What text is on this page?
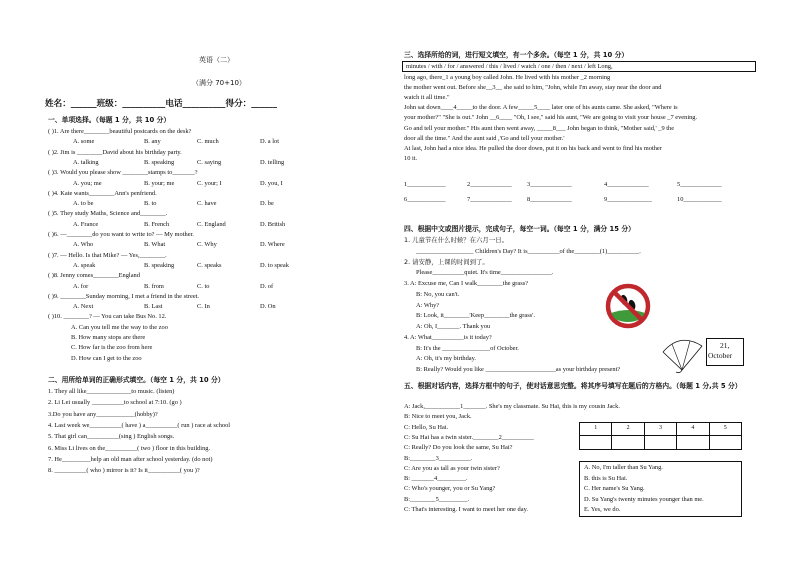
英语（二）
（满分 70+10）
姓名：______班级：__________电话__________得分：______
一、单项选择。（每题 1 分，共 10 分）
二、用所给单词的正确形式填空。（每空 1 分，共 10 分）
三、选择所给的词，进行短文填空，有一个多余。（每空 1 分，共 10 分）
minutes / with / for / answered / this / lived / watch / one / then / next / left Long,
四、根据中文或图片提示，完成句子，每空一词。（每空 1 分，满分 15 分）
21,
October
五、根据对话内容，选择方框中的句子，使对话意思完整。将其序号填写在题后的方格内。（每题 1 分,共 5 分）
1	2	3	4	5

( )1. Are there________beautiful postcards on the desk?
A. some	B. any	C. much	D. a lot
( )2. Jim is ________David about his birthday party.
A. talking	B. speaking	C. saying	D. telling
( )3. Would you please show ________stamps to_______?
A. you; me	B. your; me	C. your; I	D. you, I
( )4. Kate wants________Ann's penfriend.
A. to be	B. to	C. have	D. be
( )5. They study Maths, Science and________.
A. France	B. French	C. England	D. British
( )6. —________do you want to write to? — My mother.
A. Who	B. What	C. Why	D. Where
( )7. — Hello. Is that Mike? — Yes,________.
A. speak	B. speaking	C. speaks	D. to speak
( )8. Jenny comes________England
A. for	B. from	C. to	D. of
( )9. ________Sunday morning, I met a friend in the street.
A. Next	B. Last	C. In	D. On
( )10. ________? — You can take Bus No. 12.
A. Can you tell me the way to the zoo
B. How many stops are there
C. How far is the zoo from here
D. How can I get to the zoo
1. They all like______________to music. (listen)
2. Li Lei usually __________to school at 7:10. (go )
3.Do you have any____________(hobby)?
4. Last week we__________( have ) a__________( run ) race at school
5. That girl can__________(sing ) English songs.
6. Miss Li lives on the__________( two ) floor in this building.
7. He_________help an old man after school yesterday. (do not)
8. __________( who ) mirror is it? Is it__________( you )?
long ago, there_1 a young boy called John. He lived with his mother _2 morning
the mother went out. Before she__3__ she said to him, "John, while I'm away, stay near the door and
watch it all time."
John sat down____4_____to the door. A few_____5____ later one of his aunts came. She asked, "Where is
your mother?" "She is out." John __6____ "Oh, I see," said his aunt, "We are going to visit your house _7 evening.
Go and tell your mother." His aunt then went away, _____8___ John began to think, "Mother said,' _9 the
door all the time." And the aunt said ,'Go and tell your mother.'
At last, John had a nice idea. He pulled the door down, put it on his back and went to find his mother
10 it.
1____________	2_____________ 3_____________	4_____________	5_____________
6____________	7_____________ 8_____________	9______________	10____________
1. 儿童节在什么时候？在六月一日。
__________________ Children's Day? It is__________of the________(1)__________.
2. 请安静，上课的时间到了。
Please__________quiet. It's time________________.
3. A: Excuse me, Can I walk________the grass?
B: No, you can't.
A: Why?
B: Look, it________'Keep________the grass'.
A: Oh, I_______. Thank you
4. A: What__________is it today?
B: It's the _______________of October.
A: Oh, it's my birthday.
B: Really? Would you like ______________________as your birthday present?
A: Jack,___________1_______. She's my classmate. Su Hai, this is my cousin Jack.
B: Nice to meet you, Jack.
C: Hello, Su Hai.
C: Su Hai has a twin sister.________2__________
C: Really? Do you look the same, Su Hai?
B:________3__________.
C: Are you as tall as your twin sister?
B: _______4_________.
C: Who's younger, you or Su Yang?
B:________5_________.
C: That's interesting. I want to meet her one day.
A. No, I'm taller than Su Yang.
B. this is Su Hai.
C. Her name's Su Yang.
D. Su Yang's twenty minutes younger than me.
E. Yes, we do.
